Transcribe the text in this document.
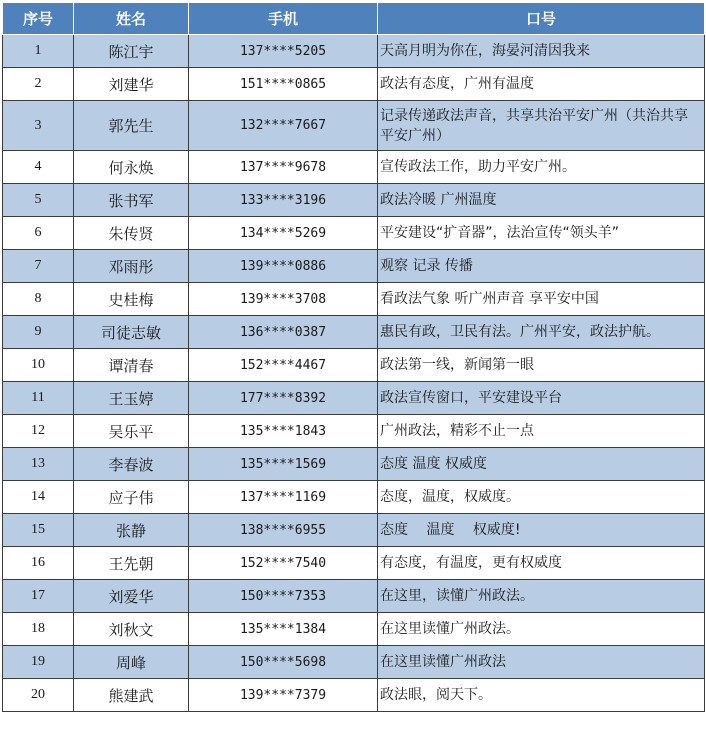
序号	姓名	手机	口号
1	陈江宇	137****5205	天高月明为你在，海晏河清因我来
2	刘建华	151****0865	政法有态度，广州有温度
3	郭先生	132****7667	记录传递政法声音，共享共治平安广州（共治共享平安广州）
4	何永焕	137****9678	宣传政法工作，助力平安广州。
5	张书军	133****3196	政法冷暖 广州温度
6	朱传贤	134****5269	平安建设“扩音器”，法治宣传“领头羊”
7	邓雨彤	139****0886	观察 记录 传播
8	史桂梅	139****3708	看政法气象 听广州声音 享平安中国
9	司徒志敏	136****0387	惠民有政，卫民有法。广州平安，政法护航。
10	谭清春	152****4467	政法第一线，新闻第一眼
11	王玉婷	177****8392	政法宣传窗口，平安建设平台
12	吴乐平	135****1843	广州政法，精彩不止一点
13	李春波	135****1569	态度 温度 权威度
14	应子伟	137****1169	态度，温度，权威度。
15	张静	138****6955	态度　 温度　 权威度!
16	王先朝	152****7540	有态度，有温度，更有权威度
17	刘爱华	150****7353	在这里，读懂广州政法。
18	刘秋文	135****1384	在这里读懂广州政法。
19	周峰	150****5698	在这里读懂广州政法
20	熊建武	139****7379	政法眼，阅天下。
